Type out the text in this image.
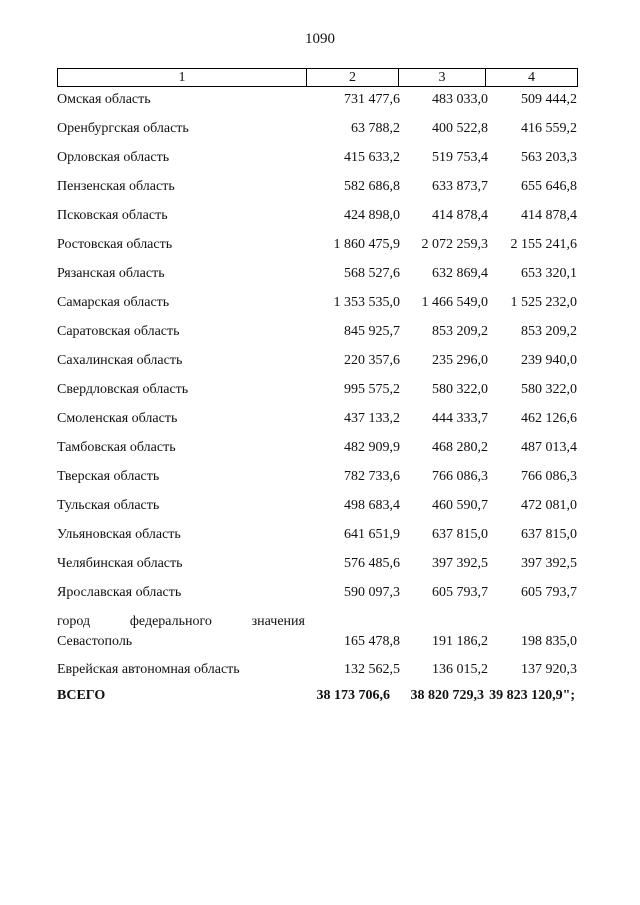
1090
1	2	3	4
Омская область	731 477,6 483 033,0 509 444,2
Оренбургская область	63 788,2 400 522,8 416 559,2
Орловская область	415 633,2 519 753,4 563 203,3
Пензенская область	582 686,8 633 873,7 655 646,8
Псковская область	424 898,0 414 878,4 414 878,4
Ростовская область	1 860 475,9 2 072 259,3 2 155 241,6
Рязанская область	568 527,6 632 869,4 653 320,1
Самарская область	1 353 535,0 1 466 549,0 1 525 232,0
Саратовская область	845 925,7 853 209,2 853 209,2
Сахалинская область	220 357,6 235 296,0 239 940,0
Свердловская область	995 575,2 580 322,0 580 322,0
Смоленская область	437 133,2 444 333,7 462 126,6
Тамбовская область	482 909,9 468 280,2 487 013,4
Тверская область	782 733,6 766 086,3 766 086,3
Тульская область	498 683,4 460 590,7 472 081,0
Ульяновская область	641 651,9 637 815,0 637 815,0
Челябинская область	576 485,6 397 392,5 397 392,5
Ярославская область	590 097,3 605 793,7 605 793,7
город	федерального	значения
Севастополь	165 478,8 191 186,2 198 835,0
Еврейская автономная область	132 562,5 136 015,2 137 920,3
ВСЕГО	38 173 706,6 38 820 729,3 39 823 120,9";
